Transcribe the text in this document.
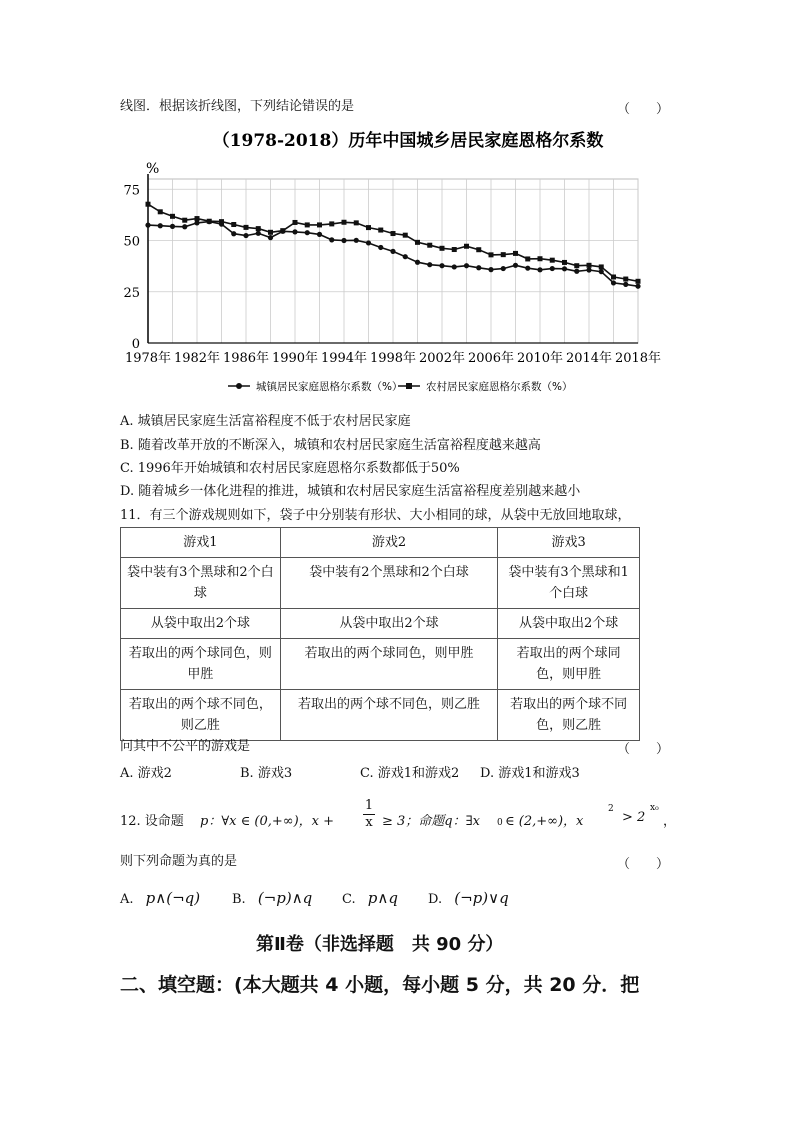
线图．根据该折线图，下列结论错误的是	（　　）
（1978-2018）历年中国城乡居民家庭恩格尔系数
%
0
25
50
75
1978年 1982年 1986年 1990年 1994年 1998年 2002年 2006年 2010年 2014年 2018年
城镇居民家庭恩格尔系数（%） 农村居民家庭恩格尔系数（%）
A. 城镇居民家庭生活富裕程度不低于农村居民家庭
B. 随着改革开放的不断深入，城镇和农村居民家庭生活富裕程度越来越高
C. 1996年开始城镇和农村居民家庭恩格尔系数都低于50%
D. 随着城乡一体化进程的推进，城镇和农村居民家庭生活富裕程度差别越来越小
11．有三个游戏规则如下，袋子中分别装有形状、大小相同的球，从袋中无放回地取球，
游戏1	游戏2	游戏3
袋中装有3个黑球和2个白球	袋中装有2个黑球和2个白球	袋中装有3个黑球和1个白球
从袋中取出2个球	从袋中取出2个球	从袋中取出2个球
若取出的两个球同色，则甲胜	若取出的两个球同色，则甲胜	若取出的两个球同色，则甲胜
若取出的两个球不同色，则乙胜	若取出的两个球不同色，则乙胜	若取出的两个球不同色，则乙胜
问其中不公平的游戏是	（　　）
A. 游戏2	B. 游戏3	C. 游戏1和游戏2 D. 游戏1和游戏3
12. 设命题 p：∀x ∈ (0,+∞)，$x + \frac{1}{x} \ge 3$；命题q：∃x 0 ∈ (2,+∞)，x
2
> 2
x₀
，
则下列命题为真的是	（　　）
A. p∧(¬q) B. (¬p)∧q C. p∧q D. (¬p)∨q
第Ⅱ卷（非选择题　共 90 分）
二、填空题：(本大题共 4 小题，每小题 5 分，共 20 分．把
